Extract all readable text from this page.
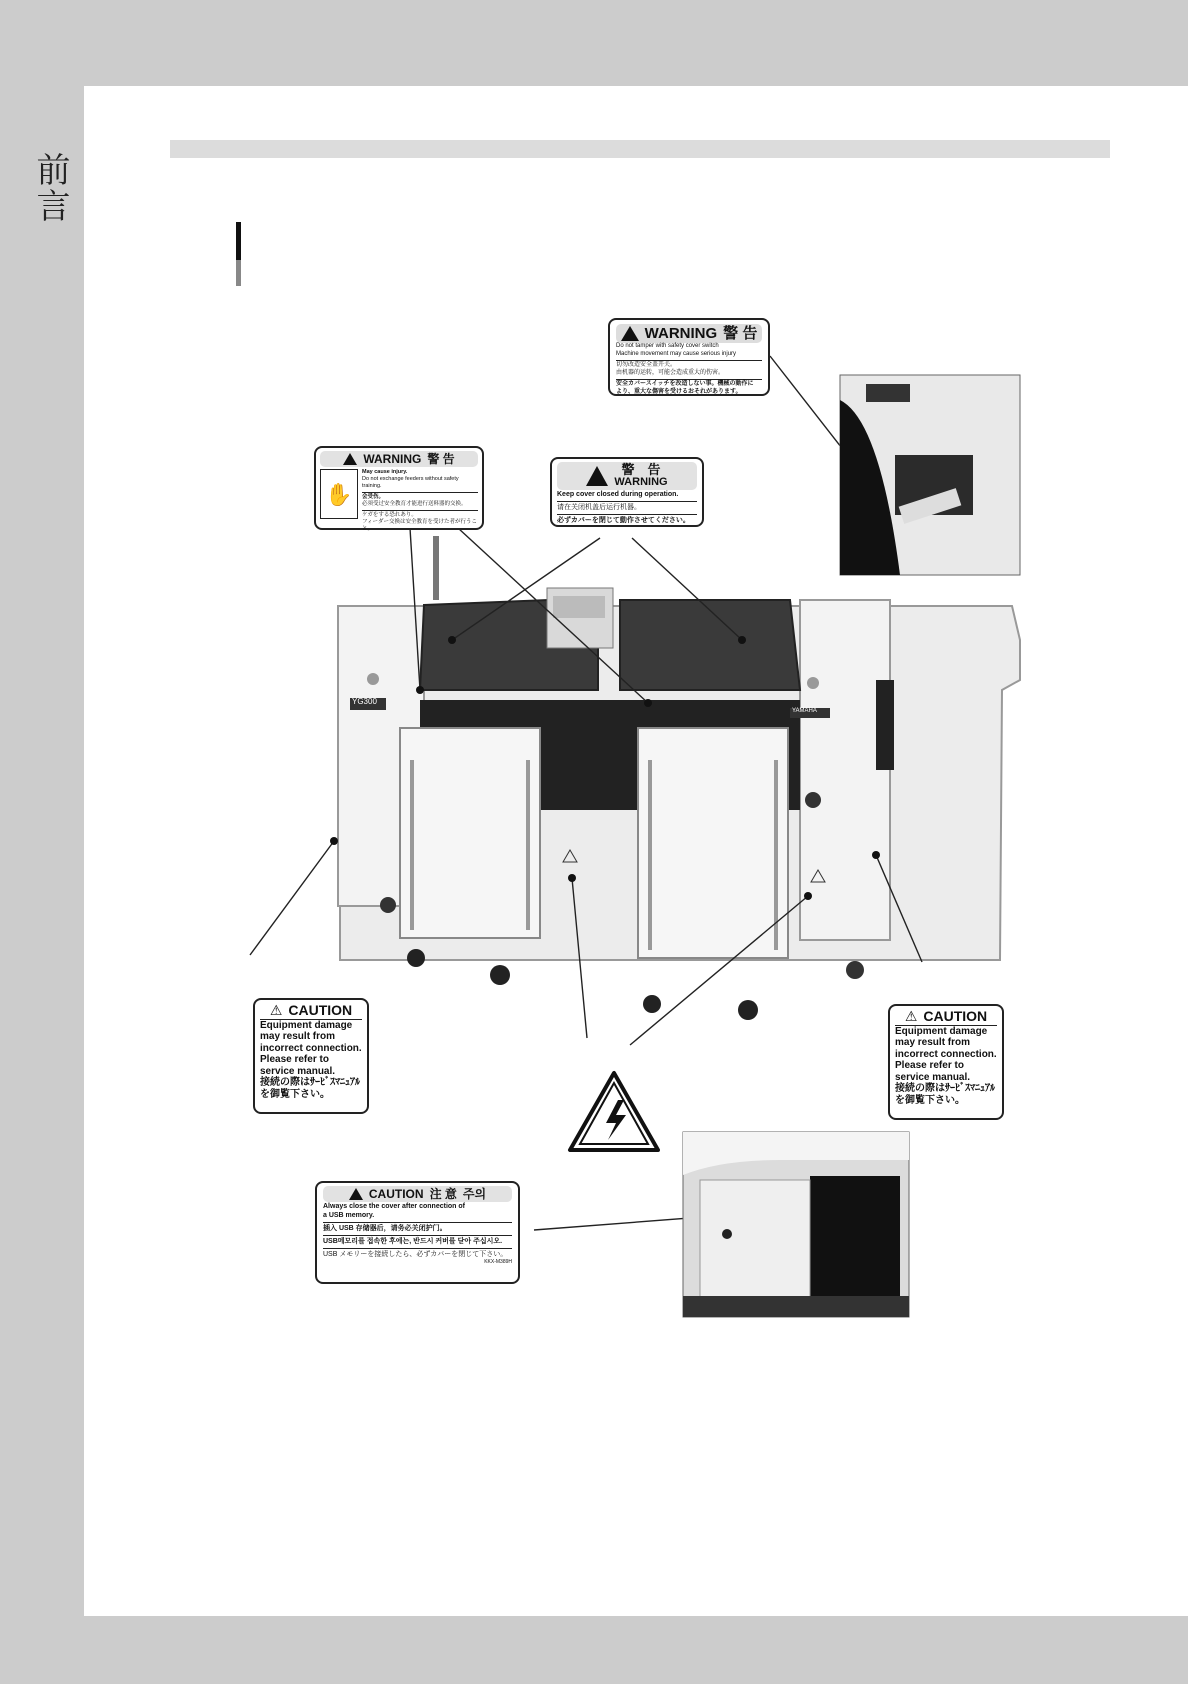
前言
WARNING 警 告
Do not tamper with safety cover switch
Machine movement may cause serious injury
切勿改造安全盖开关。
由机器的运转，可能会造成重大的伤害。
安全カバースイッチを改造しない事。機械の動作に
より、重大な傷害を受けるおそれがあります。
WARNING 警 告
✋
May cause injury.
Do not exchange feeders without safety training.
会受伤。
必须受过安全教育才能进行送料器的交换。
ケガをする恐れあり。
フィーダー交換は安全教育を受けた者が行うこと。
警　告
WARNING
Keep cover closed during operation.
请在关闭机盖后运行机器。
必ずカバーを閉じて動作させてください。
⚠ CAUTION
Equipment damage
may result from
incorrect connection.
Please refer to
service manual.
接続の際はｻｰﾋﾞｽﾏﾆｭｱﾙ
を御覧下さい。
⚠ CAUTION
Equipment damage
may result from
incorrect connection.
Please refer to
service manual.
接続の際はｻｰﾋﾞｽﾏﾆｭｱﾙ
を御覧下さい。
CAUTION 注 意 주의
Always close the cover after connection of
a USB memory.
插入 USB 存储器后，请务必关闭护门。
USB메모리를 접속한 후에는, 반드시 커버를 닫아 주십시오.
USB メモリーを接続したら、必ずカバーを閉じて下さい。
KKX-M389H
YG300
YAMAHA
